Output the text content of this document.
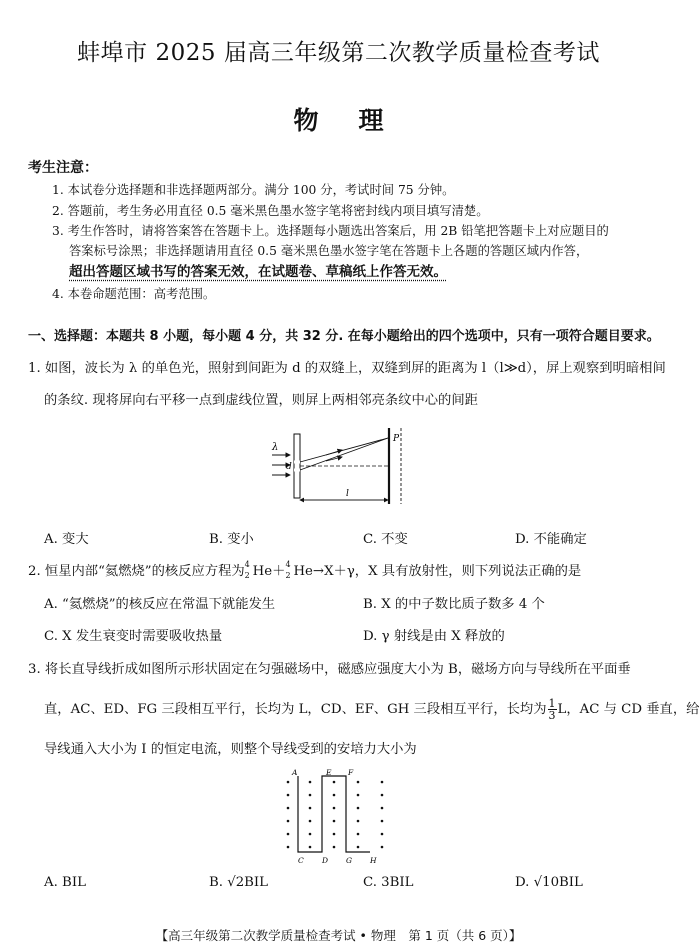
蚌埠市 2025 届高三年级第二次教学质量检查考试
物理
考生注意：
1. 本试卷分选择题和非选择题两部分。满分 100 分，考试时间 75 分钟。
2. 答题前，考生务必用直径 0.5 毫米黑色墨水签字笔将密封线内项目填写清楚。
3. 考生作答时，请将答案答在答题卡上。选择题每小题选出答案后，用 2B 铅笔把答题卡上对应题目的
答案标号涂黑；非选择题请用直径 0.5 毫米黑色墨水签字笔在答题卡上各题的答题区域内作答，
超出答题区域书写的答案无效，在试题卷、草稿纸上作答无效。
4. 本卷命题范围：高考范围。
一、选择题：本题共 8 小题，每小题 4 分，共 32 分. 在每小题给出的四个选项中，只有一项符合题目要求。
1. 如图，波长为 λ 的单色光，照射到间距为 d 的双缝上，双缝到屏的距离为 l（l≫d），屏上观察到明暗相间
的条纹. 现将屏向右平移一点到虚线位置，则屏上两相邻亮条纹中心的间距
λ
d
P
l
A. 变大	B. 变小	C. 不变	D. 不能确定
2. 恒星内部“氦燃烧”的核反应方程为 4
2 He＋ 4
2 He→X＋γ，X 具有放射性，则下列说法正确的是
A. “氦燃烧”的核反应在常温下就能发生	B. X 的中子数比质子数多 4 个
C. X 发生衰变时需要吸收热量	D. γ 射线是由 X 释放的
3. 将长直导线折成如图所示形状固定在匀强磁场中，磁感应强度大小为 B，磁场方向与导线所在平面垂
直，AC、ED、FG 三段相互平行，长均为 L，CD、EF、GH 三段相互平行，长均为 $\frac{1}{3}$ L，AC 与 CD 垂直，给
导线通入大小为 I 的恒定电流，则整个导线受到的安培力大小为
A	E F
C D G H
A. BIL	B. √2BIL	C. 3BIL	D. √10BIL
【高三年级第二次教学质量检查考试 • 物理　第 1 页（共 6 页）】
